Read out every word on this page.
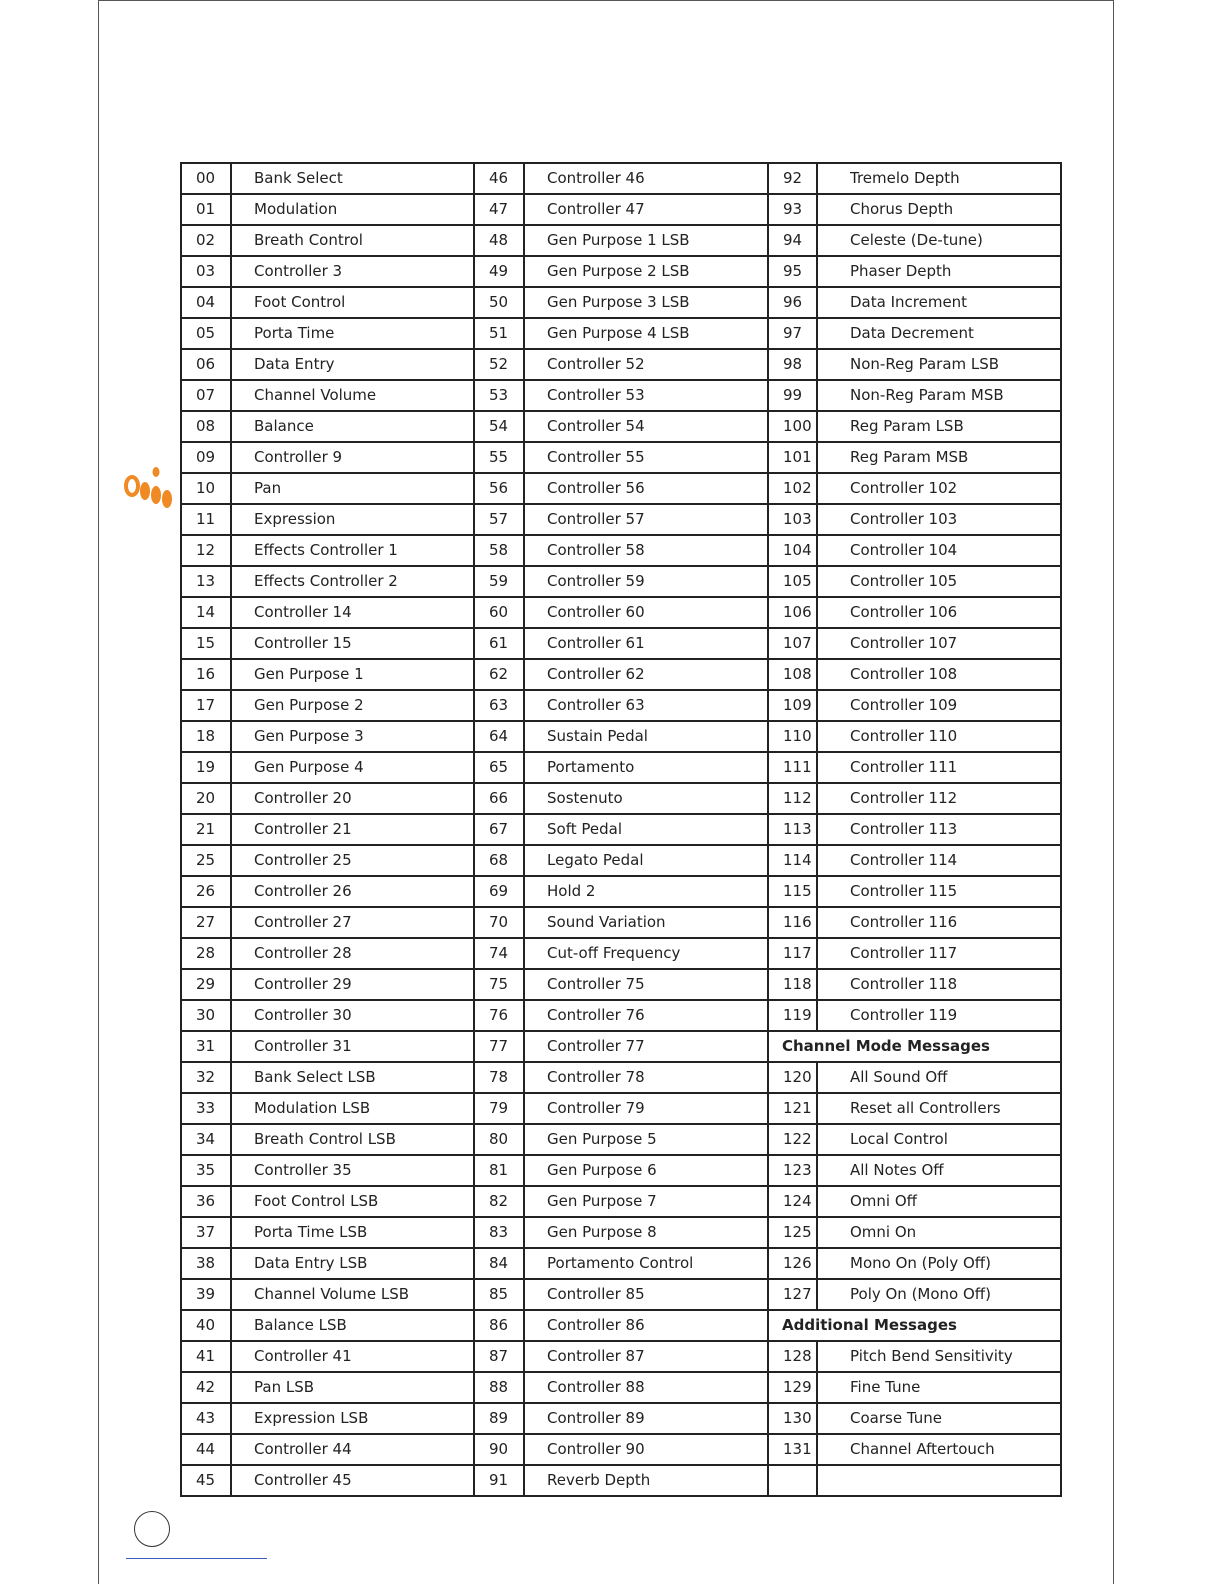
00	Bank Select	46	Controller 46	92	Tremelo Depth
01	Modulation	47	Controller 47	93	Chorus Depth
02	Breath Control	48	Gen Purpose 1 LSB	94	Celeste (De-tune)
03	Controller 3	49	Gen Purpose 2 LSB	95	Phaser Depth
04	Foot Control	50	Gen Purpose 3 LSB	96	Data Increment
05	Porta Time	51	Gen Purpose 4 LSB	97	Data Decrement
06	Data Entry	52	Controller 52	98	Non-Reg Param LSB
07	Channel Volume	53	Controller 53	99	Non-Reg Param MSB
08	Balance	54	Controller 54	100	Reg Param LSB
09	Controller 9	55	Controller 55	101	Reg Param MSB
10	Pan	56	Controller 56	102	Controller 102
11	Expression	57	Controller 57	103	Controller 103
12	Effects Controller 1	58	Controller 58	104	Controller 104
13	Effects Controller 2	59	Controller 59	105	Controller 105
14	Controller 14	60	Controller 60	106	Controller 106
15	Controller 15	61	Controller 61	107	Controller 107
16	Gen Purpose 1	62	Controller 62	108	Controller 108
17	Gen Purpose 2	63	Controller 63	109	Controller 109
18	Gen Purpose 3	64	Sustain Pedal	110	Controller 110
19	Gen Purpose 4	65	Portamento	111	Controller 111
20	Controller 20	66	Sostenuto	112	Controller 112
21	Controller 21	67	Soft Pedal	113	Controller 113
25	Controller 25	68	Legato Pedal	114	Controller 114
26	Controller 26	69	Hold 2	115	Controller 115
27	Controller 27	70	Sound Variation	116	Controller 116
28	Controller 28	74	Cut-off Frequency	117	Controller 117
29	Controller 29	75	Controller 75	118	Controller 118
30	Controller 30	76	Controller 76	119	Controller 119
31	Controller 31	77	Controller 77	Channel Mode Messages	
32	Bank Select LSB	78	Controller 78	120	All Sound Off
33	Modulation LSB	79	Controller 79	121	Reset all Controllers
34	Breath Control LSB	80	Gen Purpose 5	122	Local Control
35	Controller 35	81	Gen Purpose 6	123	All Notes Off
36	Foot Control LSB	82	Gen Purpose 7	124	Omni Off
37	Porta Time LSB	83	Gen Purpose 8	125	Omni On
38	Data Entry LSB	84	Portamento Control	126	Mono On (Poly Off)
39	Channel Volume LSB	85	Controller 85	127	Poly On (Mono Off)
40	Balance LSB	86	Controller 86	Additional Messages	
41	Controller 41	87	Controller 87	128	Pitch Bend Sensitivity
42	Pan LSB	88	Controller 88	129	Fine Tune
43	Expression LSB	89	Controller 89	130	Coarse Tune
44	Controller 44	90	Controller 90	131	Channel Aftertouch
45	Controller 45	91	Reverb Depth		
